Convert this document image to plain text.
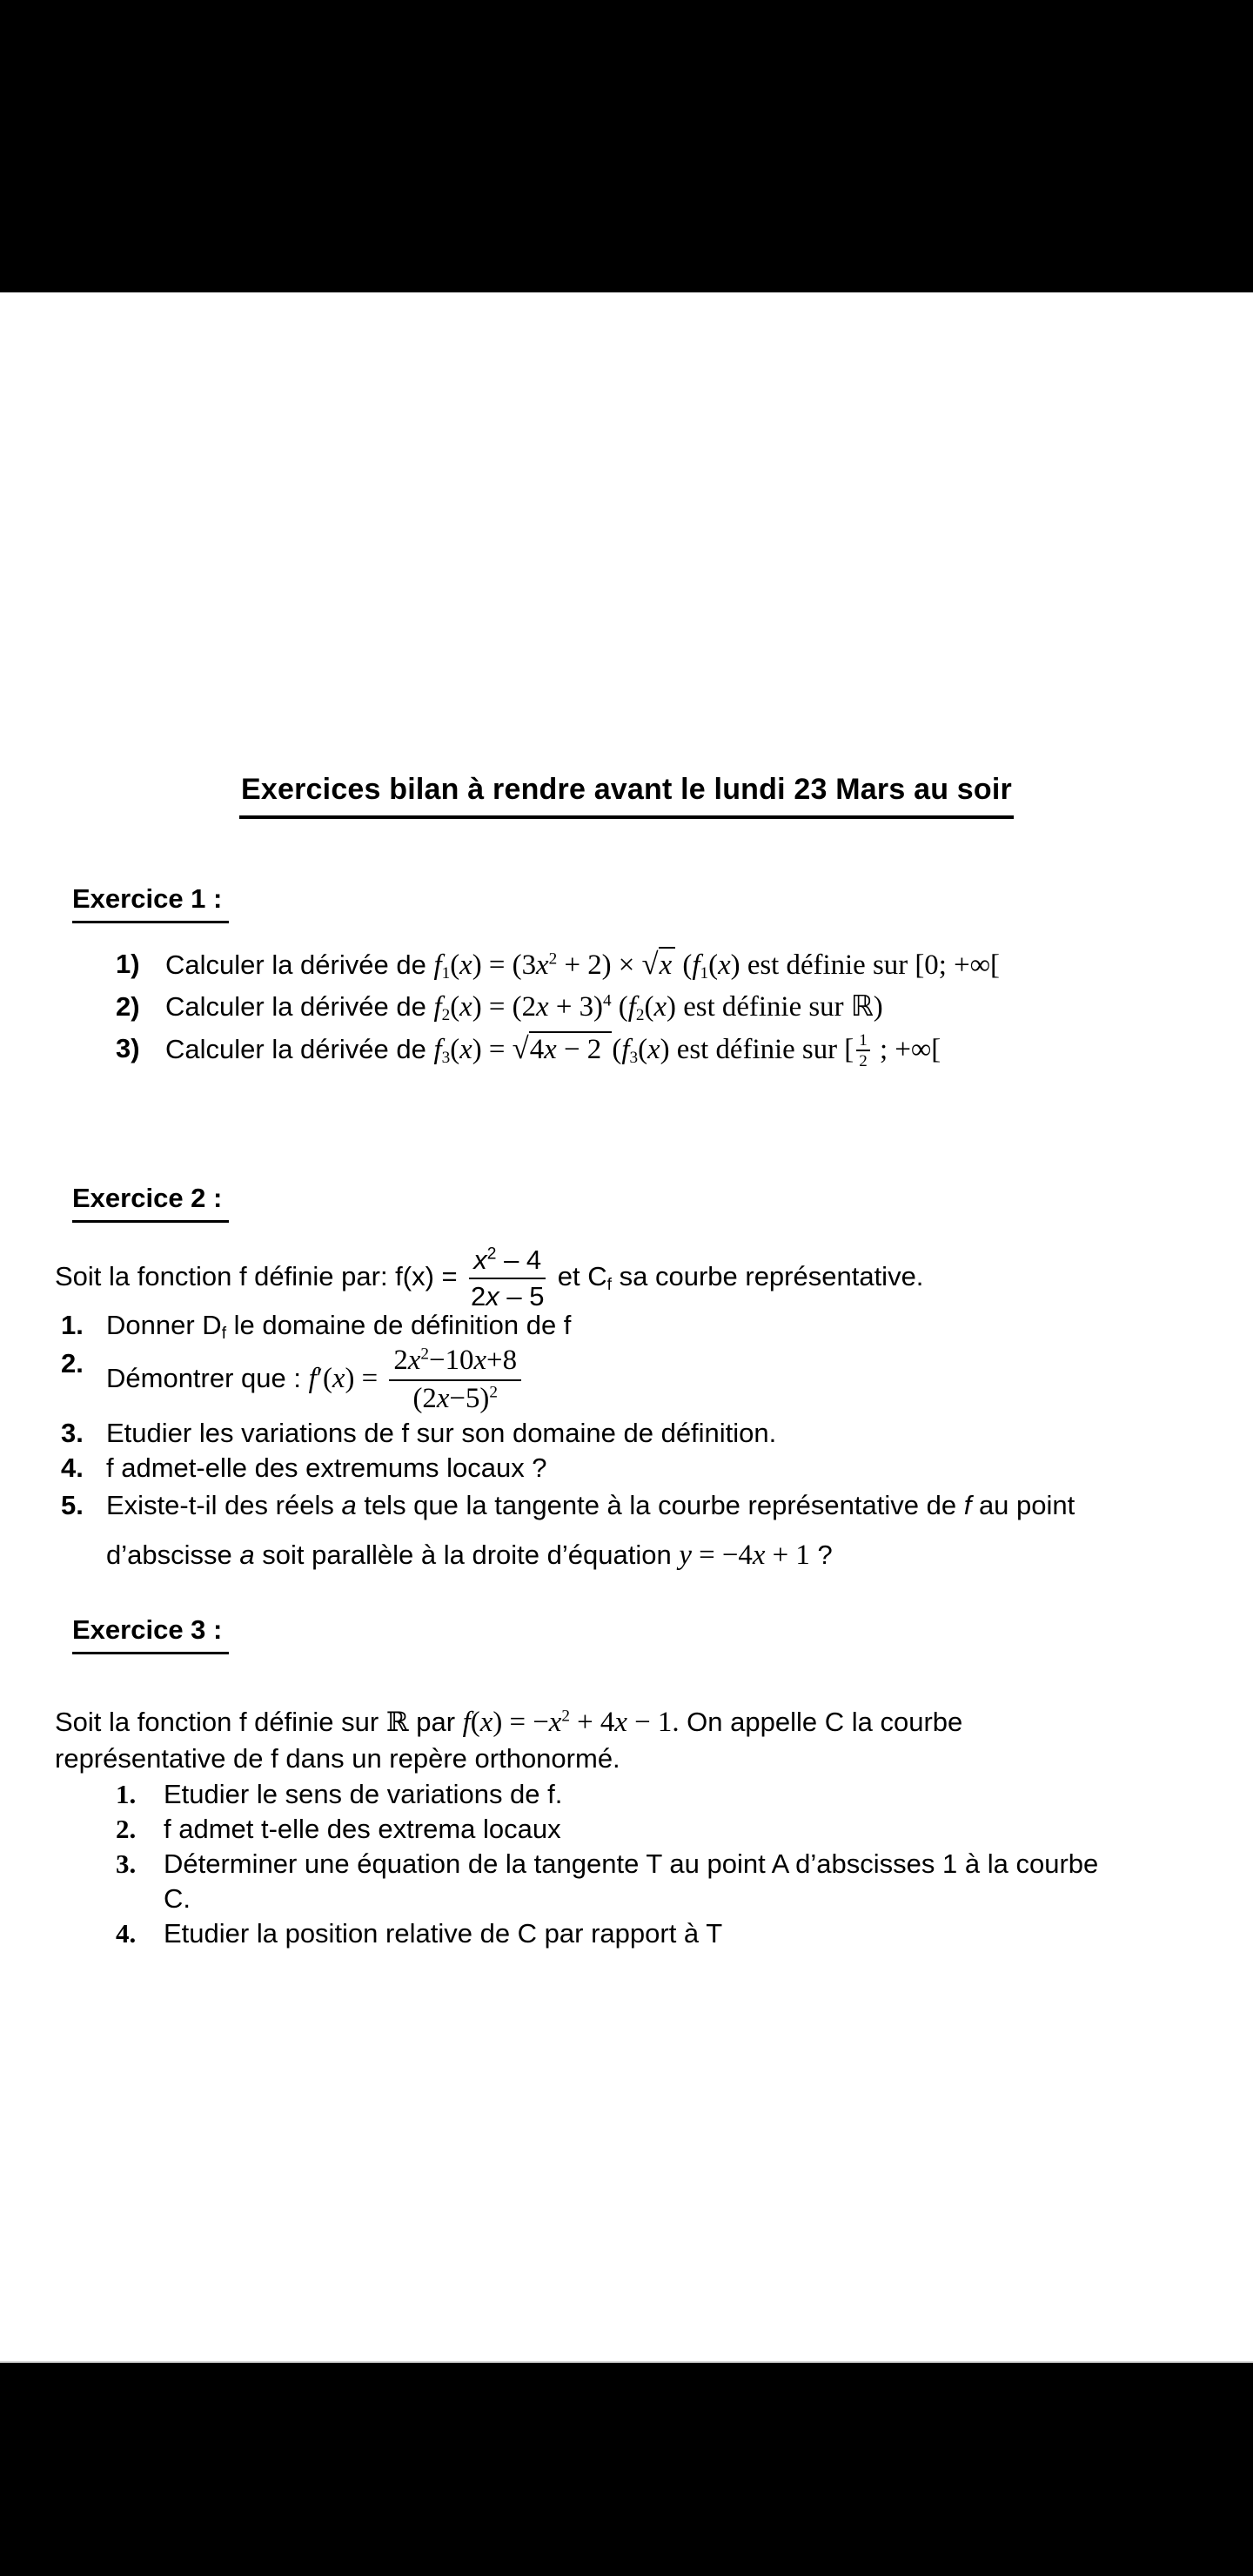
Exercices bilan à rendre avant le lundi 23 Mars au soir
Exercice 1 :
1) Calculer la dérivée de $f1(x) = (3x^2 + 2) \times √x$ (f1(x) est définie sur [0; +∞[
2) Calculer la dérivée de $f2(x) = (2x + 3)^4$ (f2(x) est définie sur ℝ)
3) Calculer la dérivée de f3(x) = √4x − 2 (f3(x) est définie sur [ $\frac{1}{2}$ ; +∞[
Exercice 2 :
Soit la fonction f définie par: $f(x) = \frac{x^2 - 4}{2x - 5}$ et Cf sa courbe représentative.
1. Donner Df le domaine de définition de f
2. Démontrer que : $f'(x) = \frac{2x^2-10x+8}{(2x-5)^2}$
3. Etudier les variations de f sur son domaine de définition.
4. f admet-elle des extremums locaux ?
5. Existe-t-il des réels a tels que la tangente à la courbe représentative de f au point
d’abscisse a soit parallèle à la droite d’équation y = −4x + 1 ?
Exercice 3 :
Soit la fonction f définie sur ℝ par $f(x) = -x^2 + 4x - 1$. On appelle C la courbe
représentative de f dans un repère orthonormé.
1.	Etudier le sens de variations de f.
2.	f admet t-elle des extrema locaux
3.	Déterminer une équation de la tangente T au point A d’abscisses 1 à la courbe
C.
4.	Etudier la position relative de C par rapport à T
